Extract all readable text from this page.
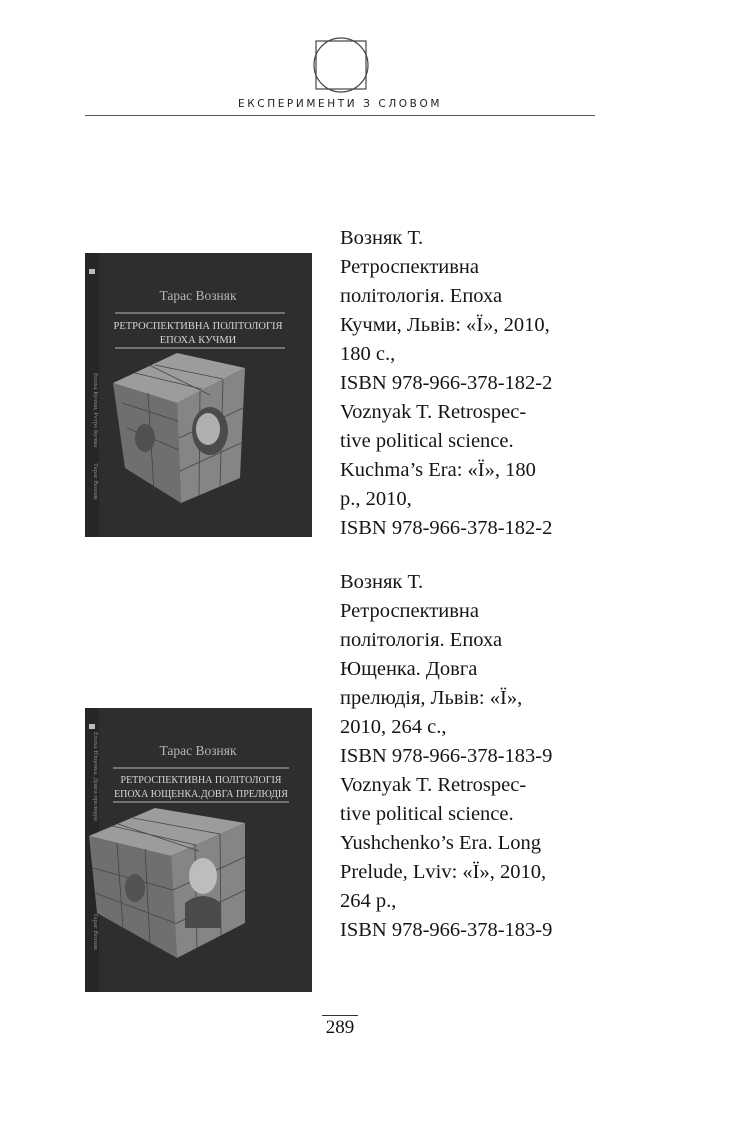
ЕКСПЕРИМЕНТИ З СЛОВОМ
Тарас Возняк
РЕТРОСПЕКТИВНА ПОЛІТОЛОГІЯ
ЕПОХА КУЧМИ
Епоха Кучми, Ретро Кучма
Тарас Возняк
Возняк Т.
Ретроспективна
політологія. Епоха
Кучми, Львів: «Ї», 2010,
180 с.,
ISBN 978-966-378-182-2
Voznyak T. Retrospec-
tive political science.
Kuchma’s Era: «Ї», 180
p., 2010,
ISBN 978-966-378-182-2
Тарас Возняк
РЕТРОСПЕКТИВНА ПОЛІТОЛОГІЯ
ЕПОХА ЮЩЕНКА.ДОВГА ПРЕЛЮДІЯ
Епоха Ющенка. Довга прелюдія
Тарас Возняк
Возняк Т.
Ретроспективна
політологія. Епоха
Ющенка. Довга
прелюдія, Львів: «Ї»,
2010, 264 с.,
ISBN 978-966-378-183-9
Voznyak T. Retrospec-
tive political science.
Yushchenko’s Era. Long
Prelude, Lviv: «Ї», 2010,
264 p.,
ISBN 978-966-378-183-9
289
